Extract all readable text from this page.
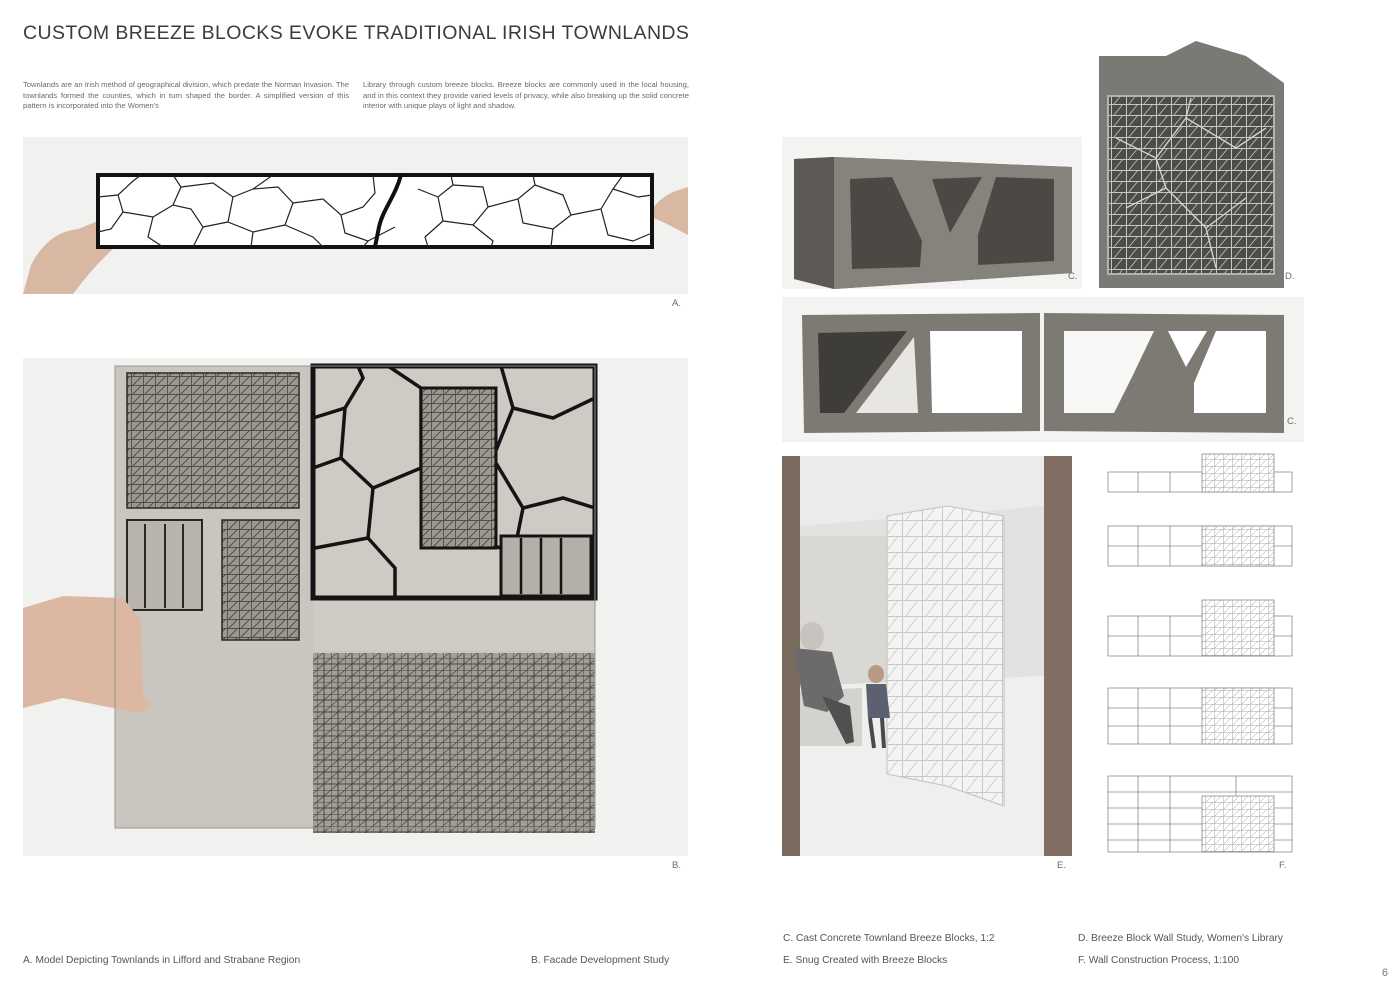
CUSTOM BREEZE BLOCKS EVOKE TRADITIONAL IRISH TOWNLANDS

Townlands are an Irish method of geographical division, which predate the Norman Invasion. The townlands formed the counties, which in turn shaped the border. A simplified version of this pattern is incorporated into the Women's

Library through custom breeze blocks. Breeze blocks are commonly used in the local housing, and in this context they provide varied levels of privacy, while also breaking up the solid concrete interior with unique plays of light and shadow.

A.
B.
C.	D.
C.
E.	F.
A. Model Depicting Townlands in Lifford and Strabane Region	B. Facade Development Study
C. Cast Concrete Townland Breeze Blocks, 1:2	D. Breeze Block Wall Study, Women's Library
E. Snug Created with Breeze Blocks	F. Wall Construction Process, 1:100
6
